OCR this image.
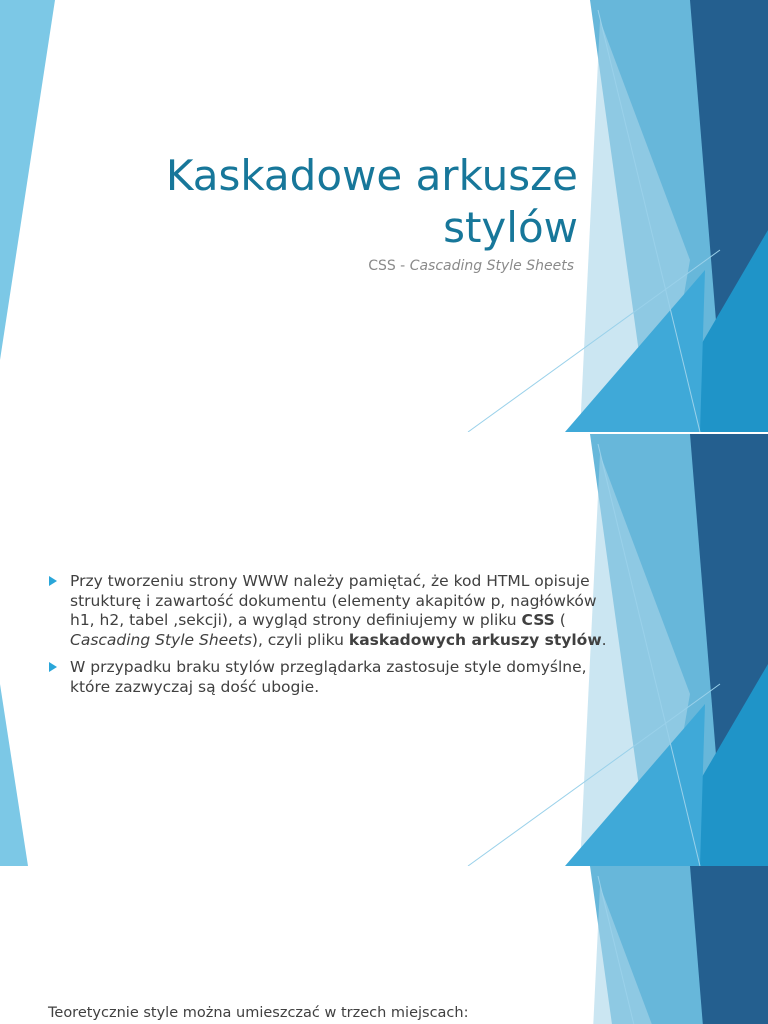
Kaskadowe arkusze
stylów
CSS - Cascading Style Sheets
Przy tworzeniu strony WWW należy pamiętać, że kod HTML opisuje strukturę i zawartość dokumentu (elementy akapitów p, nagłówków h1, h2, tabel ,sekcji), a wygląd strony definiujemy w pliku CSS ( Cascading Style Sheets), czyli pliku kaskadowych arkuszy stylów.
W przypadku braku stylów przeglądarka zastosuje style domyślne, które zazwyczaj są dość ubogie.
Teoretycznie style można umieszczać w trzech miejscach:
